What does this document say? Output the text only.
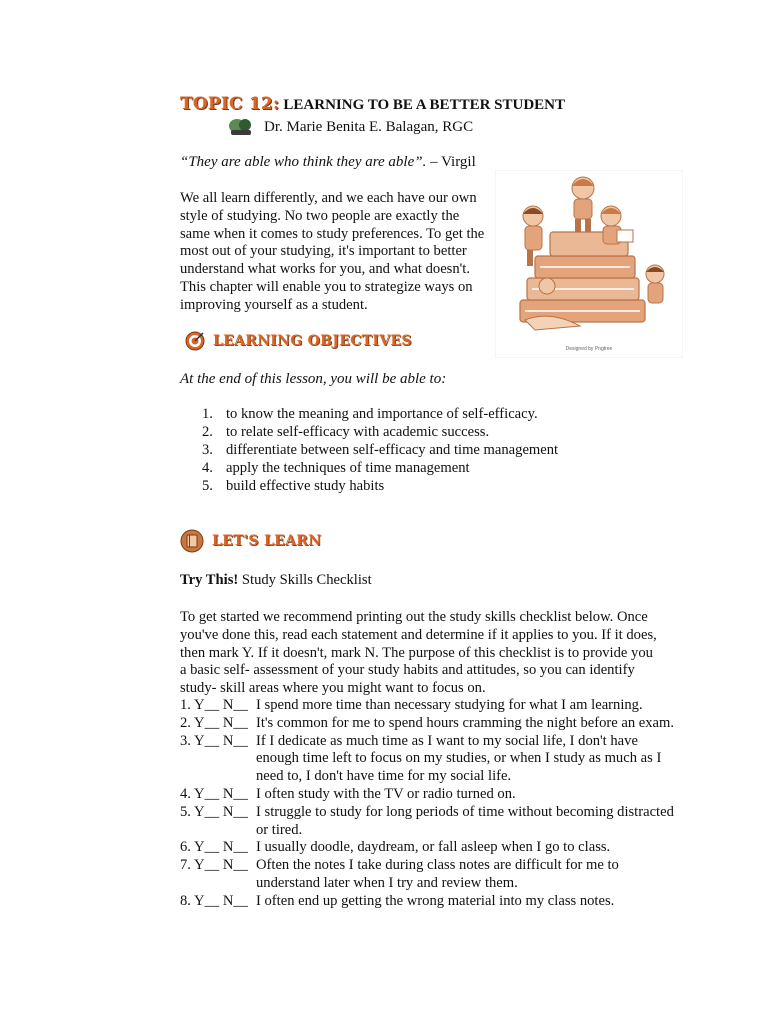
TOPIC 12: LEARNING TO BE A BETTER STUDENT
Dr. Marie Benita E. Balagan, RGC
“They are able who think they are able”. – Virgil
We all learn differently, and we each have our own style of studying. No two people are exactly the same when it comes to study preferences. To get the most out of your studying, it's important to better understand what works for you, and what doesn't. This chapter will enable you to strategize ways on improving yourself as a student.
Designed by Pngtree
LEARNING OBJECTIVES
At the end of this lesson, you will be able to:
1. to know the meaning and importance of self-efficacy.
2. to relate self-efficacy with academic success.
3. differentiate between self-efficacy and time management
4. apply the techniques of time management
5. build effective study habits
LET'S LEARN
Try This! Study Skills Checklist
To get started we recommend printing out the study skills checklist below. Once you've done this, read each statement and determine if it applies to you. If it does, then mark Y. If it doesn't, mark N. The purpose of this checklist is to provide you a basic self- assessment of your study habits and attitudes, so you can identify study- skill areas where you might want to focus on.
1. Y__ N__ I spend more time than necessary studying for what I am learning.
2. Y__ N__ It's common for me to spend hours cramming the night before an exam.
3. Y__ N__ If I dedicate as much time as I want to my social life, I don't have enough time left to focus on my studies, or when I study as much as I need to, I don't have time for my social life.
4. Y__ N__ I often study with the TV or radio turned on.
5. Y__ N__ I struggle to study for long periods of time without becoming distracted or tired.
6. Y__ N__ I usually doodle, daydream, or fall asleep when I go to class.
7. Y__ N__ Often the notes I take during class notes are difficult for me to understand later when I try and review them.
8. Y__ N__ I often end up getting the wrong material into my class notes.
